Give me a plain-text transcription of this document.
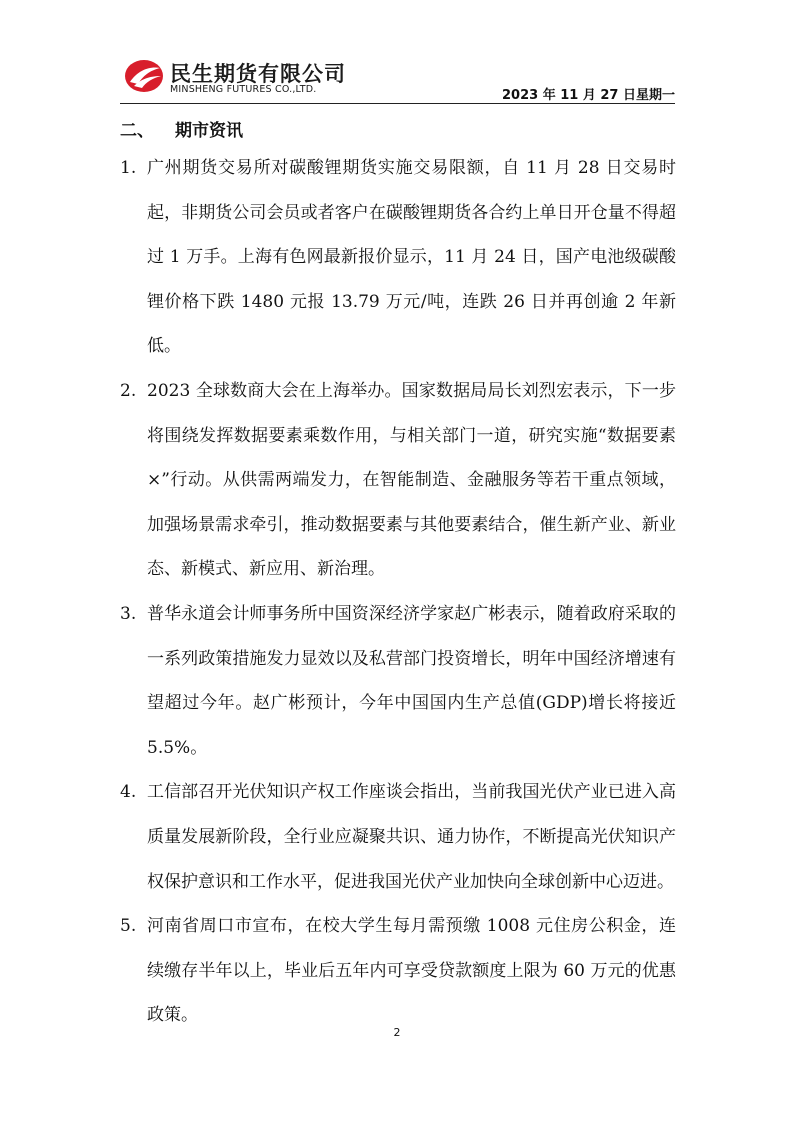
民生期货有限公司
MINSHENG FUTURES CO.,LTD.	2023 年 11 月 27 日星期一
二、 期市资讯
1. 广州期货交易所对碳酸锂期货实施交易限额，自 11 月 28 日交易时起，非期货公司会员或者客户在碳酸锂期货各合约上单日开仓量不得超过 1 万手。上海有色网最新报价显示，11 月 24 日，国产电池级碳酸锂价格下跌 1480 元报 13.79 万元/吨，连跌 26 日并再创逾 2 年新低。
2. 2023 全球数商大会在上海举办。国家数据局局长刘烈宏表示，下一步将围绕发挥数据要素乘数作用，与相关部门一道，研究实施“数据要素×”行动。从供需两端发力，在智能制造、金融服务等若干重点领域，加强场景需求牵引，推动数据要素与其他要素结合，催生新产业、新业态、新模式、新应用、新治理。
3. 普华永道会计师事务所中国资深经济学家赵广彬表示，随着政府采取的一系列政策措施发力显效以及私营部门投资增长，明年中国经济增速有望超过今年。赵广彬预计，今年中国国内生产总值(GDP)增长将接近 5.5%。
4. 工信部召开光伏知识产权工作座谈会指出，当前我国光伏产业已进入高质量发展新阶段，全行业应凝聚共识、通力协作，不断提高光伏知识产权保护意识和工作水平，促进我国光伏产业加快向全球创新中心迈进。
5. 河南省周口市宣布，在校大学生每月需预缴 1008 元住房公积金，连续缴存半年以上，毕业后五年内可享受贷款额度上限为 60 万元的优惠政策。
2
